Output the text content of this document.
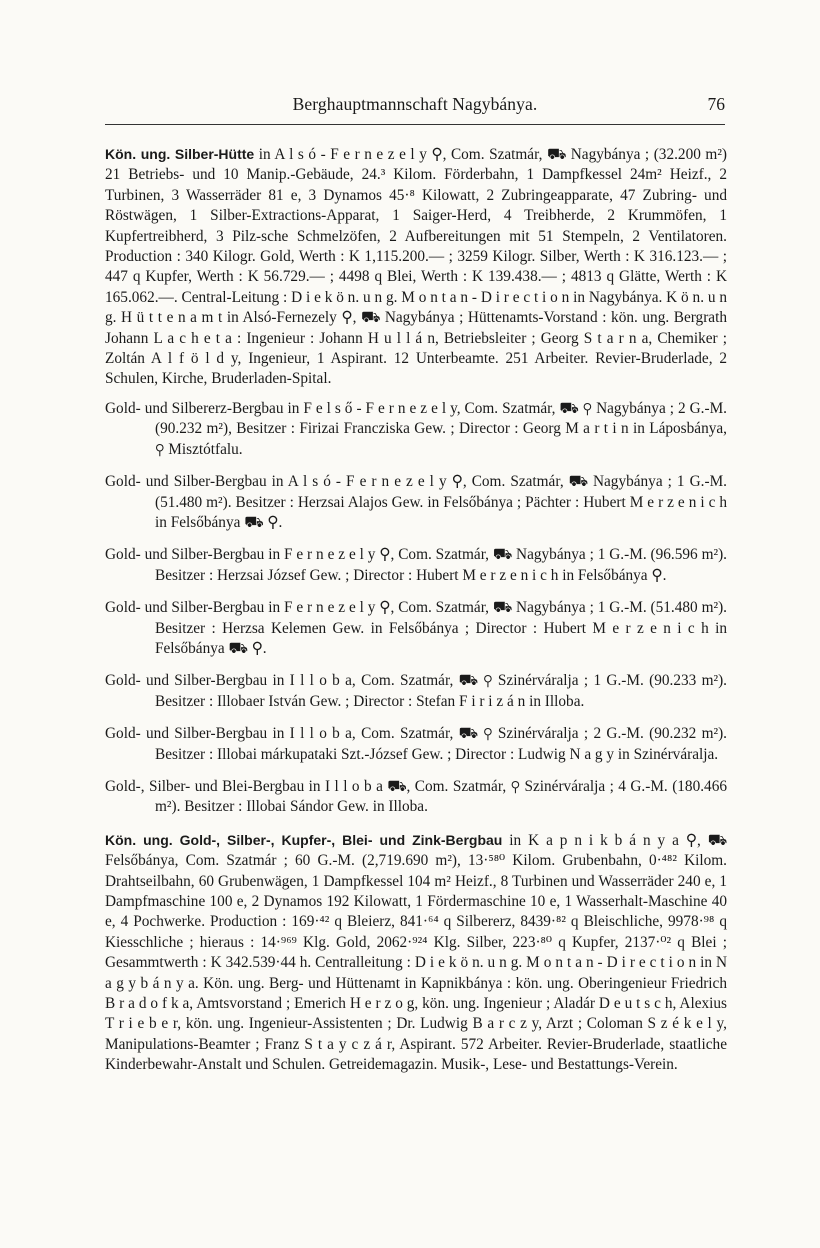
Berghauptmannschaft Nagybánya.	76

Kön. ung. Silber-Hütte in A l s ó - F e r n e z e l y ⚲, Com. Szatmár, ⛟ Nagybánya ; (32.200 m²) 21 Betriebs- und 10 Manip.-Gebäude, 24.³ Kilom. Förderbahn, 1 Dampfkessel 24m² Heizf., 2 Turbinen, 3 Wasserräder 81 e, 3 Dynamos 45·⁸ Kilowatt, 2 Zubringeapparate, 47 Zubring- und Röstwägen, 1 Silber-Extractions-Apparat, 1 Saiger-Herd, 4 Treibherde, 2 Krummöfen, 1 Kupfertreibherd, 3 Pilz-sche Schmelzöfen, 2 Aufbereitungen mit 51 Stempeln, 2 Ventilatoren. Production : 340 Kilogr. Gold, Werth : K 1,115.200.— ; 3259 Kilogr. Silber, Werth : K 316.123.— ; 447 q Kupfer, Werth : K 56.729.— ; 4498 q Blei, Werth : K 139.438.— ; 4813 q Glätte, Werth : K 165.062.—. Central-Leitung : D i e k ö n. u n g. M o n t a n - D i r e c t i o n in Nagybánya. K ö n. u n g. H ü t t e n a m t in Alsó-Fernezely ⚲, ⛟ Nagybánya ; Hüttenamts-Vorstand : kön. ung. Bergrath Johann L a c h e t a : Ingenieur : Johann H u l l á n, Betriebsleiter ; Georg S t a r n a, Chemiker ; Zoltán A l f ö l d y, Ingenieur, 1 Aspirant. 12 Unterbeamte. 251 Arbeiter. Revier-Bruderlade, 2 Schulen, Kirche, Bruderladen-Spital.

Gold- und Silbererz-Bergbau in F e l s ő - F e r n e z e l y, Com. Szatmár, ⛟ ⚲ Nagybánya ; 2 G.-M. (90.232 m²), Besitzer : Firizai Francziska Gew. ; Director : Georg M a r t i n in Láposbánya, ⚲ Misztótfalu.

Gold- und Silber-Bergbau in A l s ó - F e r n e z e l y ⚲, Com. Szatmár, ⛟ Nagybánya ; 1 G.-M. (51.480 m²). Besitzer : Herzsai Alajos Gew. in Felsőbánya ; Pächter : Hubert M e r z e n i c h in Felsőbánya ⛟ ⚲.

Gold- und Silber-Bergbau in F e r n e z e l y ⚲, Com. Szatmár, ⛟ Nagybánya ; 1 G.-M. (96.596 m²). Besitzer : Herzsai József Gew. ; Director : Hubert M e r z e n i c h in Felsőbánya ⚲.

Gold- und Silber-Bergbau in F e r n e z e l y ⚲, Com. Szatmár, ⛟ Nagybánya ; 1 G.-M. (51.480 m²). Besitzer : Herzsa Kelemen Gew. in Felsőbánya ; Director : Hubert M e r z e n i c h in Felsőbánya ⛟ ⚲.

Gold- und Silber-Bergbau in I l l o b a, Com. Szatmár, ⛟ ⚲ Szinérváralja ; 1 G.-M. (90.233 m²). Besitzer : Illobaer István Gew. ; Director : Stefan F i r i z á n in Illoba.

Gold- und Silber-Bergbau in I l l o b a, Com. Szatmár, ⛟ ⚲ Szinérváralja ; 2 G.-M. (90.232 m²). Besitzer : Illobai márkupataki Szt.-József Gew. ; Director : Ludwig N a g y in Szinérváralja.

Gold-, Silber- und Blei-Bergbau in I l l o b a ⛟, Com. Szatmár, ⚲ Szinérváralja ; 4 G.-M. (180.466 m²). Besitzer : Illobai Sándor Gew. in Illoba.

Kön. ung. Gold-, Silber-, Kupfer-, Blei- und Zink-Bergbau in K a p n i k b á n y a ⚲, ⛟ Felsőbánya, Com. Szatmár ; 60 G.-M. (2,719.690 m²), 13·⁵⁸⁰ Kilom. Grubenbahn, 0·⁴⁸² Kilom. Drahtseilbahn, 60 Grubenwägen, 1 Dampfkessel 104 m² Heizf., 8 Turbinen und Wasserräder 240 e, 1 Dampfmaschine 100 e, 2 Dynamos 192 Kilowatt, 1 Fördermaschine 10 e, 1 Wasserhalt-Maschine 40 e, 4 Pochwerke. Production : 169·⁴² q Bleierz, 841·⁶⁴ q Silbererz, 8439·⁸² q Bleischliche, 9978·⁹⁸ q Kiesschliche ; hieraus : 14·⁹⁶⁹ Klg. Gold, 2062·⁹²⁴ Klg. Silber, 223·⁸⁰ q Kupfer, 2137·⁰² q Blei ; Gesammtwerth : K 342.539·44 h. Centralleitung : D i e k ö n. u n g. M o n t a n - D i r e c t i o n in N a g y b á n y a. Kön. ung. Berg- und Hüttenamt in Kapnikbánya : kön. ung. Oberingenieur Friedrich B r a d o f k a, Amtsvorstand ; Emerich H e r z o g, kön. ung. Ingenieur ; Aladár D e u t s c h, Alexius T r i e b e r, kön. ung. Ingenieur-Assistenten ; Dr. Ludwig B a r c z y, Arzt ; Coloman S z é k e l y, Manipulations-Beamter ; Franz S t a y c z á r, Aspirant. 572 Arbeiter. Revier-Bruderlade, staatliche Kinderbewahr-Anstalt und Schulen. Getreidemagazin. Musik-, Lese- und Bestattungs-Verein.
